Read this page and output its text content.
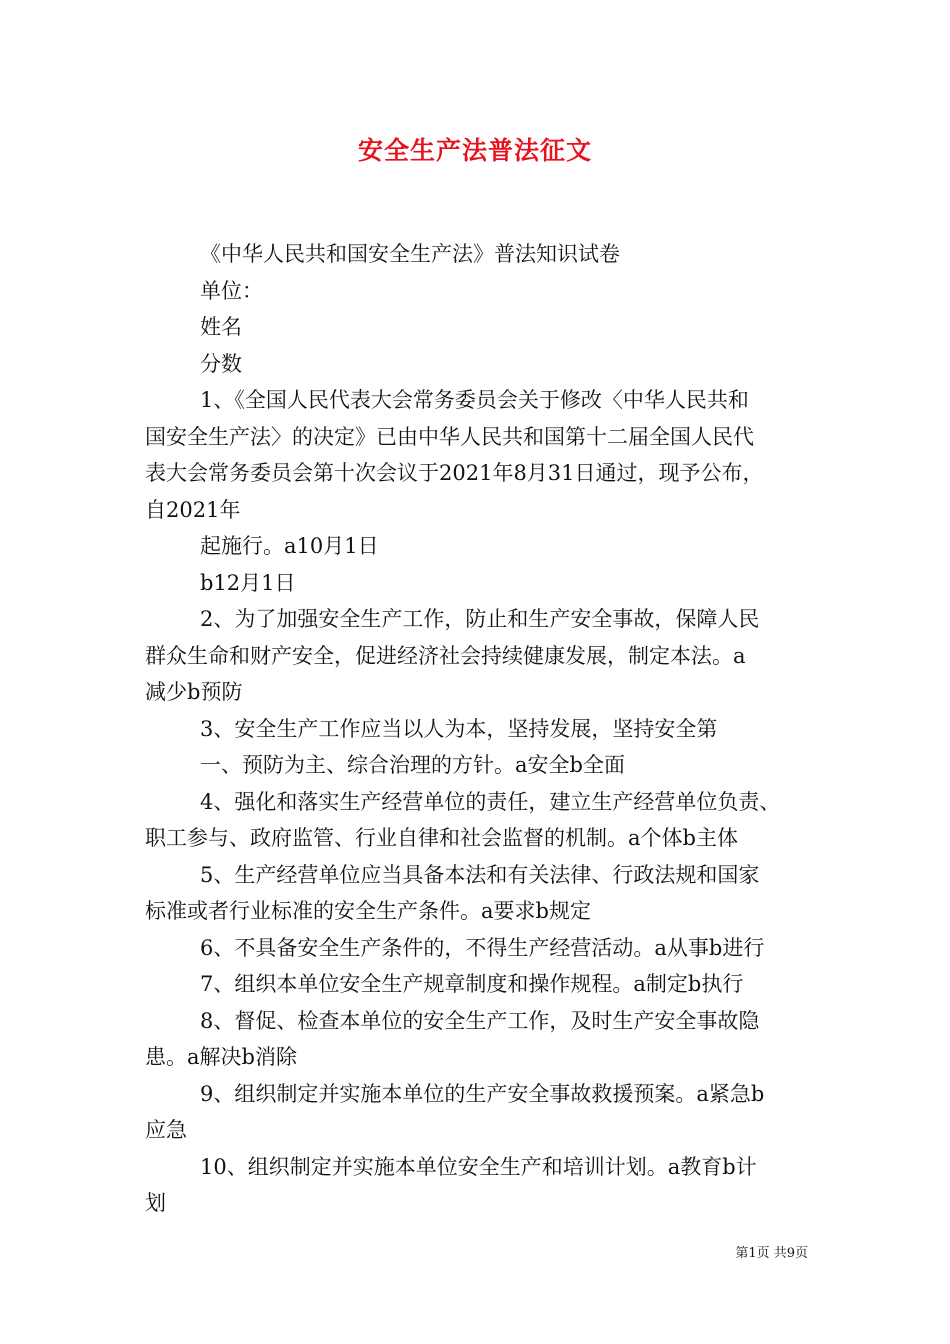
安全生产法普法征文

《中华人民共和国安全生产法》普法知识试卷

单位：

姓名

分数

1、《全国人民代表大会常务委员会关于修改〈中华人民共和

国安全生产法〉的决定》已由中华人民共和国第十二届全国人民代

表大会常务委员会第十次会议于2021年8月31日通过，现予公布，

自2021年

起施行。a10月1日

b12月1日

2、为了加强安全生产工作，防止和生产安全事故，保障人民

群众生命和财产安全，促进经济社会持续健康发展，制定本法。a

减少b预防

3、安全生产工作应当以人为本，坚持发展，坚持安全第

一、预防为主、综合治理的方针。a安全b全面

4、强化和落实生产经营单位的责任，建立生产经营单位负责、

职工参与、政府监管、行业自律和社会监督的机制。a个体b主体

5、生产经营单位应当具备本法和有关法律、行政法规和国家

标准或者行业标准的安全生产条件。a要求b规定

6、不具备安全生产条件的，不得生产经营活动。a从事b进行

7、组织本单位安全生产规章制度和操作规程。a制定b执行

8、督促、检查本单位的安全生产工作，及时生产安全事故隐

患。a解决b消除

9、组织制定并实施本单位的生产安全事故救援预案。a紧急b

应急

10、组织制定并实施本单位安全生产和培训计划。a教育b计

划

第1页 共9页
